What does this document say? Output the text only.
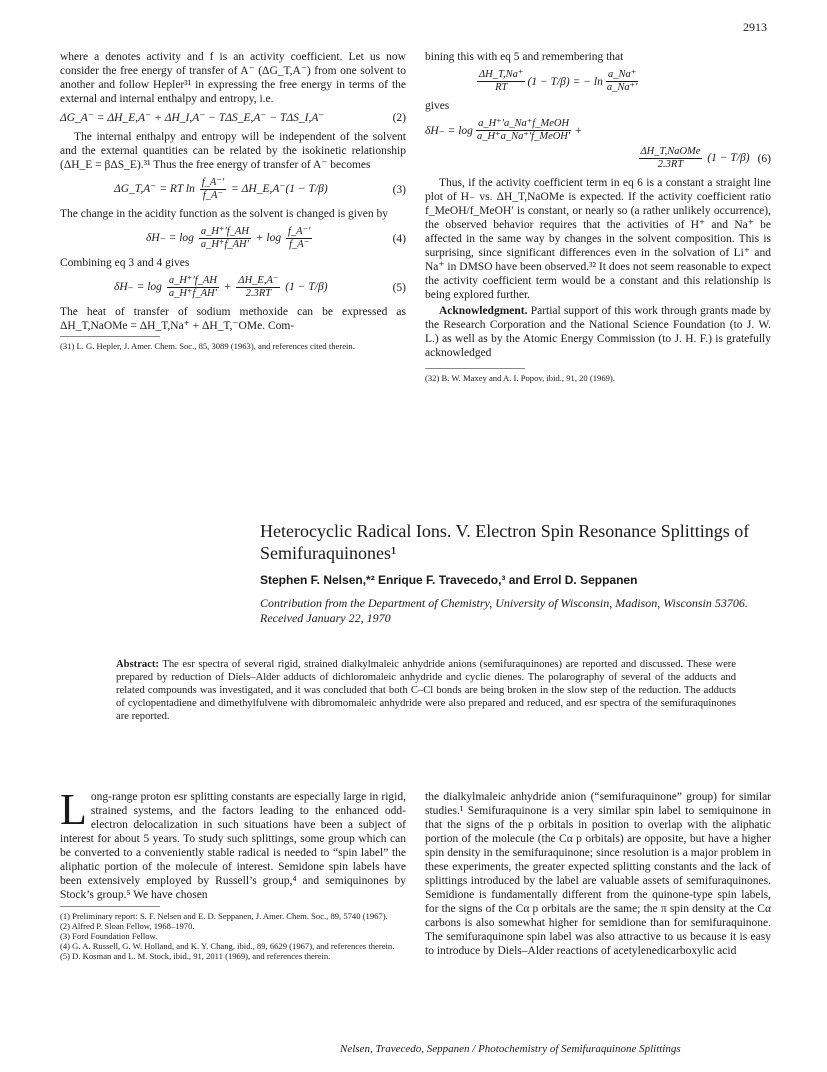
2913

where a denotes activity and f is an activity coefficient. Let us now consider the free energy of transfer of A⁻ (ΔG_T,A⁻) from one solvent to another and follow Hepler³¹ in expressing the free energy in terms of the external and internal enthalpy and entropy, i.e.

ΔG_A⁻ = ΔH_E,A⁻ + ΔH_I,A⁻ − TΔS_E,A⁻ − TΔS_I,A⁻	(2)

The internal enthalpy and entropy will be independent of the solvent and the external quantities can be related by the isokinetic relationship (ΔH_E = βΔS_E).³¹ Thus the free energy of transfer of A⁻ becomes

ΔG_T,A⁻ = RT $\ln \frac{f\_A^-'}{f\_A^-}$ = ΔH_E,A⁻(1 − T/β)	(3)

The change in the acidity function as the solvent is changed is given by

$\delta H_- = \log \frac{a\_H^+'f\_AH}{a\_H^+f\_AH'} + \log \frac{f\_A^-'}{f\_A^-}$	(4)

Combining eq 3 and 4 gives

$\delta H_- = \log \frac{a\_H^+'f\_AH}{a\_H^+f\_AH'} + \frac{\Delta H\_E,A^-}{2.3RT} (1 - T/\beta)$	(5)

The heat of transfer of sodium methoxide can be expressed as ΔH_T,NaOMe = ΔH_T,Na⁺ + ΔH_T,⁻OMe. Com-

(31) L. G. Hepler, J. Amer. Chem. Soc., 85, 3089 (1963), and references cited therein.

bining this with eq 5 and remembering that

$\frac{\Delta H\_T,Na^+}{RT} (1 - T/\beta)$ = − $\ln \frac{a\_Na^+}{a\_Na^+'}$

gives

$\delta H_- = \log \frac{\text{a\_H⁺′a\_Na⁺f\_MeOH}}{\text{a\_H⁺a\_Na⁺′f\_MeOH′}}$ +
$\frac{\text{ΔH\_T,NaOMe}}{2.3RT} (1 - T/\beta)$ (6)

Thus, if the activity coefficient term in eq 6 is a constant a straight line plot of H₋ vs. ΔH_T,NaOMe is expected. If the activity coefficient ratio f_MeOH/f_MeOH′ is constant, or nearly so (a rather unlikely occurrence), the observed behavior requires that the activities of H⁺ and Na⁺ be affected in the same way by changes in the solvent composition. This is surprising, since significant differences even in the solvation of Li⁺ and Na⁺ in DMSO have been observed.³² It does not seem reasonable to expect the activity coefficient term would be a constant and this relationship is being explored further.

Acknowledgment. Partial support of this work through grants made by the Research Corporation and the National Science Foundation (to J. W. L.) as well as by the Atomic Energy Commission (to J. H. F.) is gratefully acknowledged

(32) B. W. Maxey and A. I. Popov, ibid., 91, 20 (1969).

Heterocyclic Radical Ions. V. Electron Spin Resonance Splittings of Semifuraquinones¹
Stephen F. Nelsen,*² Enrique F. Travecedo,³ and Errol D. Seppanen
Contribution from the Department of Chemistry, University of Wisconsin, Madison, Wisconsin 53706. Received January 22, 1970
Abstract: The esr spectra of several rigid, strained dialkylmaleic anhydride anions (semifuraquinones) are reported and discussed. These were prepared by reduction of Diels–Alder adducts of dichloromaleic anhydride and cyclic dienes. The polarography of several of the adducts and related compounds was investigated, and it was concluded that both C–Cl bonds are being broken in the slow step of the reduction. The adducts of cyclopentadiene and dimethylfulvene with dibromomaleic anhydride were also prepared and reduced, and esr spectra of the semifuraquinones are reported.

Long-range proton esr splitting constants are especially large in rigid, strained systems, and the factors leading to the enhanced odd-electron delocalization in such situations have been a subject of interest for about 5 years. To study such splittings, some group which can be converted to a conveniently stable radical is needed to “spin label” the aliphatic portion of the molecule of interest. Semidone spin labels have been extensively employed by Russell’s group,⁴ and semiquinones by Stock’s group.⁵ We have chosen

(1) Preliminary report: S. F. Nelsen and E. D. Seppanen, J. Amer. Chem. Soc., 89, 5740 (1967).

(2) Alfred P. Sloan Fellow, 1968–1970.

(3) Ford Foundation Fellow.

(4) G. A. Russell, G. W. Holland, and K. Y. Chang, ibid., 89, 6629 (1967), and references therein.

(5) D. Kosman and L. M. Stock, ibid., 91, 2011 (1969), and references therein.

the dialkylmaleic anhydride anion (“semifuraquinone” group) for similar studies.¹ Semifuraquinone is a very similar spin label to semiquinone in that the signs of the p orbitals in position to overlap with the aliphatic portion of the molecule (the Cα p orbitals) are opposite, but have a higher spin density in the semifuraquinone; since resolution is a major problem in these experiments, the greater expected splitting constants and the lack of splittings introduced by the label are valuable assets of semifuraquinones. Semidione is fundamentally different from the quinone-type spin labels, for the signs of the Cα p orbitals are the same; the π spin density at the Cα carbons is also somewhat higher for semidione than for semifuraquinone. The semifuraquinone spin label was also attractive to us because it is easy to introduce by Diels–Alder reactions of acetylenedicarboxylic acid

Nelsen, Travecedo, Seppanen / Photochemistry of Semifuraquinone Splittings
